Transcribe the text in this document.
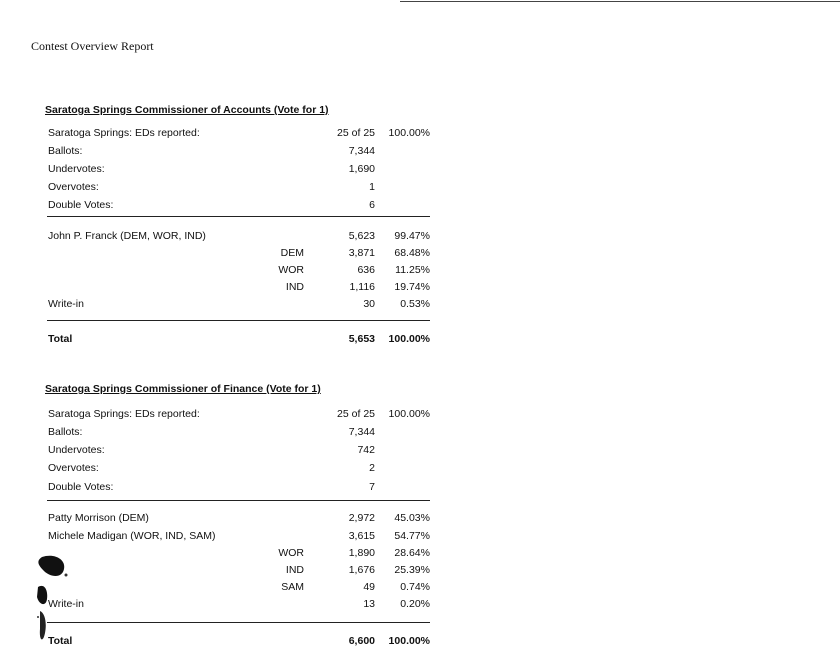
Contest Overview Report
Saratoga Springs Commissioner of Accounts (Vote for 1)
Saratoga Springs: EDs reported:	25 of 25 100.00%
Ballots:	7,344
Undervotes:	1,690
Overvotes:	1
Double Votes:	6
John P. Franck (DEM, WOR, IND)	5,623 99.47%
DEM	3,871 68.48%
WOR	636 11.25%
IND	1,116 19.74%
Write-in	30 0.53%
Total	5,653 100.00%
Saratoga Springs Commissioner of Finance (Vote for 1)
Saratoga Springs: EDs reported:	25 of 25 100.00%
Ballots:	7,344
Undervotes:	742
Overvotes:	2
Double Votes:	7
Patty Morrison (DEM)	2,972 45.03%
Michele Madigan (WOR, IND, SAM)	3,615 54.77%
WOR	1,890 28.64%
IND	1,676 25.39%
SAM	49 0.74%
Write-in	13 0.20%
Total	6,600 100.00%
